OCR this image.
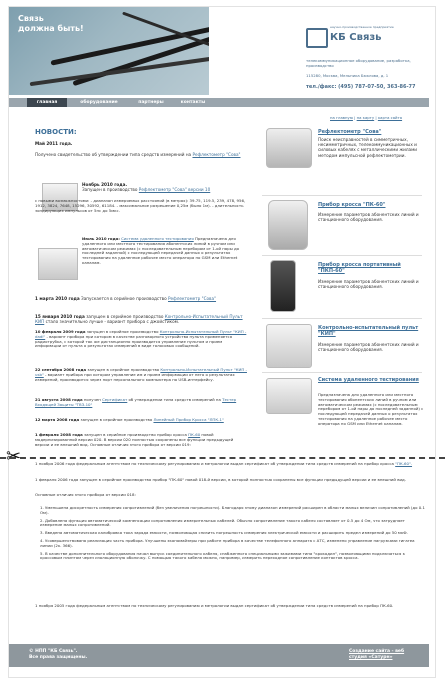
Связь
должна быть!	научно-производственное предприятие
КБ Связь
телекоммуникационное оборудование, разработка, производство
115280, Москва, Мельника Бюклова, д. 1
тел./факс: (495) 787-07-50, 363-86-77
главная	оборудование	партнеры	контакты
на главную | на карту | карта сайта
НОВОСТИ:
Май 2011 года.
Получено свидетельство об утверждении типа средств измерений на Рефлектометр "Сова"
Ноябрь 2010 года.
Запущен в производство Рефлектометр "Сова" версии 10
с новыми возможностями: - диапазон измеряемых расстояний (в метрах): 39.75, 119.5, 239, 478, 956, 1912, 3824, 7648, 15296, 30592, 61184. - максимальное разрешение 0,25м (было 1м). - длительность зондирующих импульсов от 5нс до 5мкс.
Июль 2010 года: Система удаленного тестирования Предназначена для удаленного или местного тестирования абонентских линий в ручном или автоматическом режимах (с последовательным перебором от 1-ой пары до последней заданной) с последующей передачей данных о результатах тестирования на удаленное рабочее место оператора по GSM или Ethernet каналам.
1 марта 2010 года Запускается в серийное производство Рефлектометр "Сова"
15 января 2010 года запущен в серийное производство Контрольно-Испытательный Пульт КИП стало значительно лучше - вариант прибора с джойстиком.
10 февраля 2009 года запущен в серийное производство Контрольно-Испытательный Пульт "КИП - dadi" - вариант прибора при котором в качестве разговорного устройства пульта применяется радиотрубка, с которой так же дистанционно производится управление пультом и прием информации от пульта о результатах измерений в виде голосовых сообщений.
22 сентября 2008 года запущен в серийное производство Контрольно-Испытательный Пульт "КИП - usb" - вариант прибора при котором управление им и прием информации от него о результатах измерений, производится через порт персонального компьютера по USB-интерфейсу.
21 августа 2008 года получен Сертификат об утверждении типа средств измерений на Тестер Входящей Защиты "ТВЗ-10"
12 марта 2008 года запущен в серийное производство Линейный Прибор Кросса "ЛПК-1"
1 февраля 2008 года запущен в серийное производство прибор кросса ПК-60 новой модернизированной версии 020. В версии 020 полностью сохранены все функции предыдущей версии и ее внешний вид. Основные отличия этого прибора от версии 019:
Рефлектометр "Сова"
Поиск неисправностей в симметричных, несимметричных, телекоммуникационных и силовых кабелях с металлическими жилами методом импульсной рефлектометрии.
Прибор кросса "ПК-60"
Измерение параметров абонентских линий и станционного оборудования.
Прибор кросса портативный "ПКП-60"
Измерение параметров абонентских линий и станционного оборудования.
Контрольно-испытательный пульт "КИП"
Измерение параметров абонентских линий и станционного оборудования.
Система удаленного тестирования
Предназначена для удаленного или местного тестирования абонентских линий в ручном или автоматическом режимах (с последовательным перебором от 1-ой пары до последней заданной) с последующей передачей данных о результатах тестирования на удаленное рабочее место оператора по GSM или Ethernet каналам.
✂	1 ноября 2006 года федеральным агентством по техническому регулированию и метрологии выдан сертификат об утверждении типа средств измерений на прибор кросса "ПК-60".
1 февраля 2006 года запущен в серийное производство прибор "ПК-60" новой 018-й версии, в которой полностью сохранены все функции предыдущей версии и ее внешний вид.
Основные отличия этого прибора от версии 018:
1. Уменьшена дискретность измерения сопротивлений (без увеличения погрешности). Благодаря этому диапазон измерений расширен в области малых величин сопротивлений (до 0.1 Ом).
2. Добавлена функция автоматической компенсации сопротивления измерительных кабелей. Обычно сопротивление такого кабеля составляет от 0.5 до 4 Ом, что затрудняет измерение малых сопротивлений.
3. Введена автоматическая калибровка тока заряда емкости, позволяющая снизить погрешность измерения электрической емкости и расширить предел измерений до 50 мкФ.
4. Усовершенствована реализация часть прибора. Улучшены экономайзеры при работе прибора в качестве телефонного аппарата с АТС, изменено управление нагрузками гигагеа линии (2к. 366).
5. В качестве дополнительного оборудования начал выпуск соединительного кабеля, снабженного специальными зажимами типа "крокодил", позволяющими подключаться к кроссовым плинтам через изоляционную оболочку. С помощью такого кабеля можно, например, измерить переходное сопротивление контактов кросса.
1 ноября 2005 года федеральным агентством по техническому регулированию и метрологии выдан сертификат об утверждении типа средств измерений на прибор ПК-60.
© НПП "КБ Связь".
Все права защищены.
Создание сайта - веб
студия «Сатурн»
